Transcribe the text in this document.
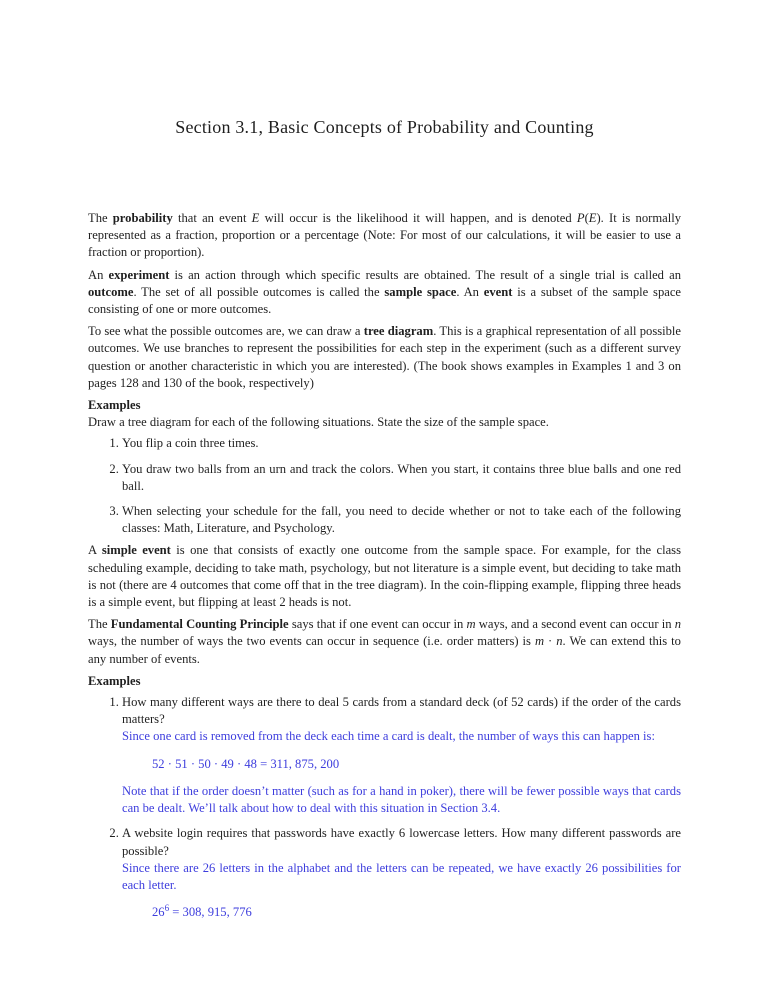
Section 3.1, Basic Concepts of Probability and Counting

The probability that an event E will occur is the likelihood it will happen, and is denoted P(E). It is normally represented as a fraction, proportion or a percentage (Note: For most of our calculations, it will be easier to use a fraction or proportion).

An experiment is an action through which specific results are obtained. The result of a single trial is called an outcome. The set of all possible outcomes is called the sample space. An event is a subset of the sample space consisting of one or more outcomes.

To see what the possible outcomes are, we can draw a tree diagram. This is a graphical representation of all possible outcomes. We use branches to represent the possibilities for each step in the experiment (such as a different survey question or another characteristic in which you are interested). (The book shows examples in Examples 1 and 3 on pages 128 and 130 of the book, respectively)

Examples

Draw a tree diagram for each of the following situations. State the size of the sample space.

1. You flip a coin three times.
2. You draw two balls from an urn and track the colors. When you start, it contains three blue balls and one red ball.
3. When selecting your schedule for the fall, you need to decide whether or not to take each of the following classes: Math, Literature, and Psychology.

A simple event is one that consists of exactly one outcome from the sample space. For example, for the class scheduling example, deciding to take math, psychology, but not literature is a simple event, but deciding to take math is not (there are 4 outcomes that come off that in the tree diagram). In the coin-flipping example, flipping three heads is a simple event, but flipping at least 2 heads is not.

The Fundamental Counting Principle says that if one event can occur in m ways, and a second event can occur in n ways, the number of ways the two events can occur in sequence (i.e. order matters) is m · n. We can extend this to any number of events.

Examples

1. How many different ways are there to deal 5 cards from a standard deck (of 52 cards) if the order of the cards matters?
Since one card is removed from the deck each time a card is dealt, the number of ways this can happen is:
52 · 51 · 50 · 49 · 48 = 311, 875, 200
Note that if the order doesn’t matter (such as for a hand in poker), there will be fewer possible ways that cards can be dealt. We’ll talk about how to deal with this situation in Section 3.4.
2. A website login requires that passwords have exactly 6 lowercase letters. How many different passwords are possible?
Since there are 26 letters in the alphabet and the letters can be repeated, we have exactly 26 possibilities for each letter.
$26^6 = 308$, 915, 776
